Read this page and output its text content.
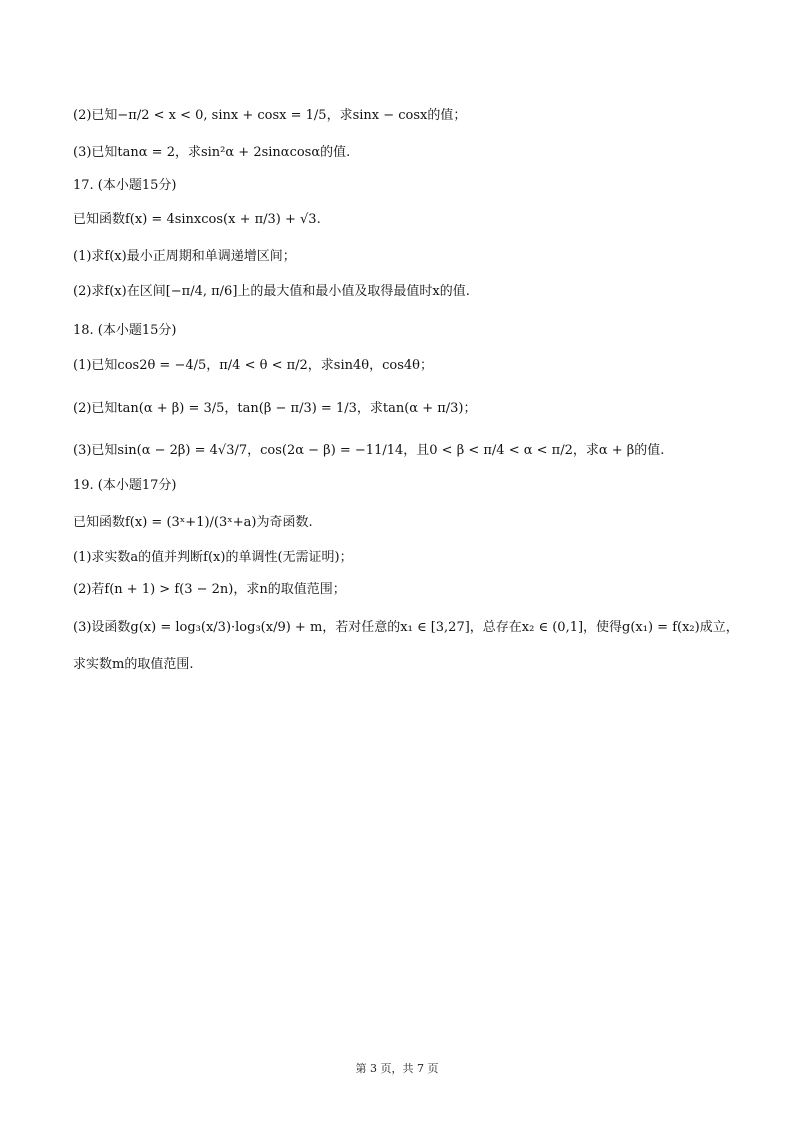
(2)已知−π/2 < x < 0, sinx + cosx = 1/5，求sinx − cosx的值；
(3)已知tanα = 2，求sin²α + 2sinαcosα的值.
17. (本小题15分)
已知函数f(x) = 4sinxcos(x + π/3) + √3.
(1)求f(x)最小正周期和单调递增区间；
(2)求f(x)在区间[−π/4, π/6]上的最大值和最小值及取得最值时x的值.
18. (本小题15分)
(1)已知cos2θ = −4/5，π/4 < θ < π/2，求sin4θ，cos4θ；
(2)已知tan(α + β) = 3/5，tan(β − π/3) = 1/3，求tan(α + π/3)；
(3)已知sin(α − 2β) = 4√3/7，cos(2α − β) = −11/14，且0 < β < π/4 < α < π/2，求α + β的值.
19. (本小题17分)
已知函数f(x) = (3ˣ+1)/(3ˣ+a)为奇函数.
(1)求实数a的值并判断f(x)的单调性(无需证明)；
(2)若f(n + 1) > f(3 − 2n)，求n的取值范围；
(3)设函数g(x) = log₃(x/3)·log₃(x/9) + m，若对任意的x₁ ∈ [3,27]，总存在x₂ ∈ (0,1]，使得g(x₁) = f(x₂)成立，
求实数m的取值范围.
第 3 页，共 7 页
